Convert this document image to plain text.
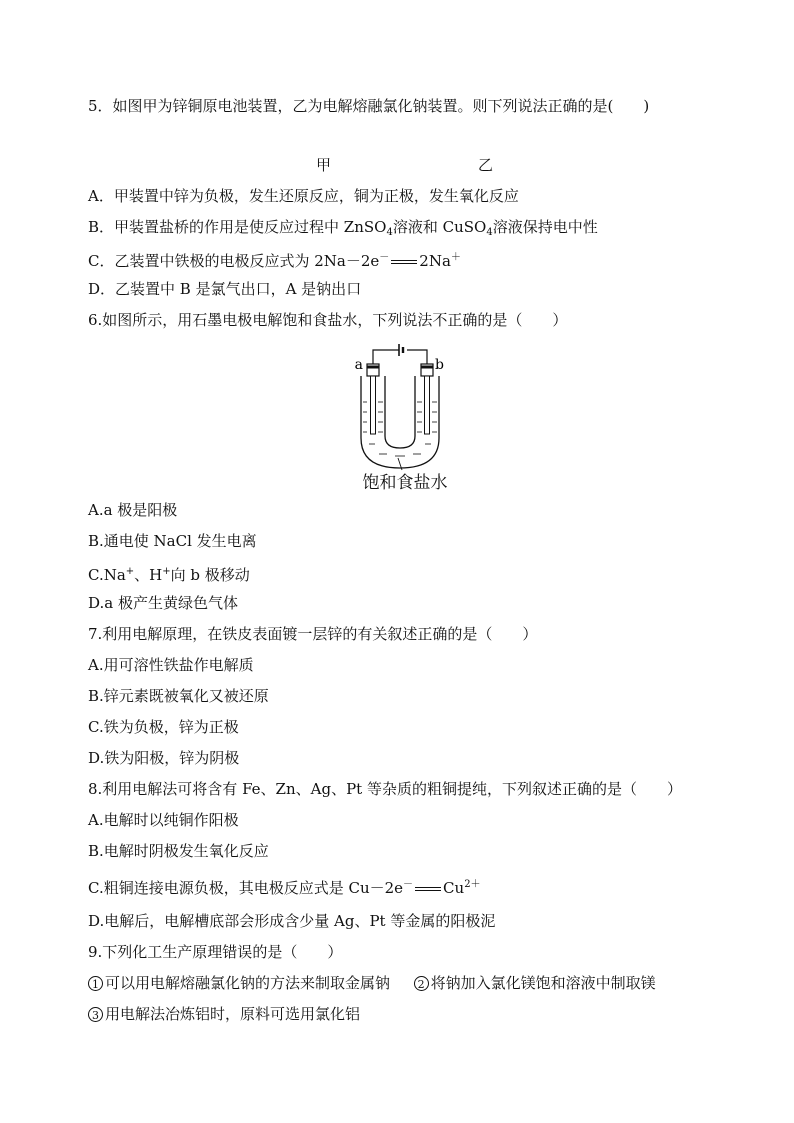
5．如图甲为锌铜原电池装置，乙为电解熔融氯化钠装置。则下列说法正确的是(　　)
甲	乙
A．甲装置中锌为负极，发生还原反应，铜为正极，发生氧化反应
B．甲装置盐桥的作用是使反应过程中 ZnSO$_4$溶液和 CuSO$_4$溶液保持电中性
C．乙装置中铁极的电极反应式为 2Na－2e－ 2Na＋
D．乙装置中 B 是氯气出口，A 是钠出口
6.如图所示，用石墨电极电解饱和食盐水，下列说法不正确的是（　　）
a	b
饱和食盐水
A.a 极是阳极
B.通电使 NaCl 发生电离
C.Na+、H+向 b 极移动
D.a 极产生黄绿色气体
7.利用电解原理，在铁皮表面镀一层锌的有关叙述正确的是（　　）
A.用可溶性铁盐作电解质
B.锌元素既被氧化又被还原
C.铁为负极，锌为正极
D.铁为阳极，锌为阴极
8.利用电解法可将含有 Fe、Zn、Ag、Pt 等杂质的粗铜提纯，下列叙述正确的是（　　）
A.电解时以纯铜作阳极
B.电解时阴极发生氧化反应
C.粗铜连接电源负极，其电极反应式是 Cu－2e－ $Cu^{2+}$
D.电解后，电解槽底部会形成含少量 Ag、Pt 等金属的阳极泥
9.下列化工生产原理错误的是（　　）
1 可以用电解熔融氯化钠的方法来制取金属钠	2 将钠加入氯化镁饱和溶液中制取镁
3 用电解法冶炼铝时，原料可选用氯化铝
